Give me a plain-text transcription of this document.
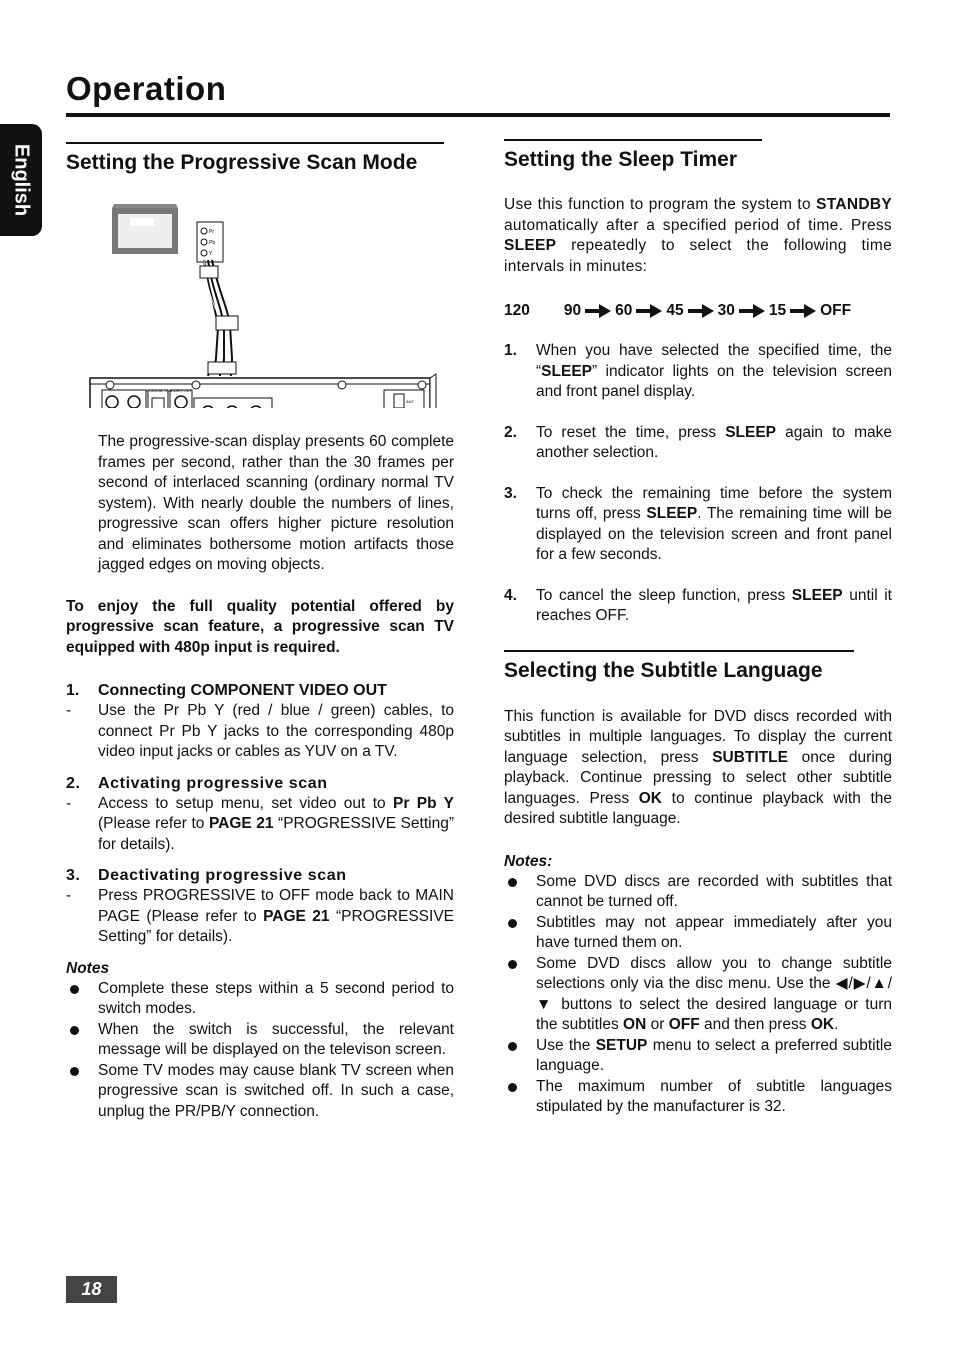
Operation
English Setting the Progressive Scan Mode
Pr
Pb
Y
COAXIAL OUT
VIDEO OUT
ANT

The progressive-scan display presents 60 complete frames per second, rather than the 30 frames per second of interlaced scanning (ordinary normal TV system). With nearly double the numbers of lines, progressive scan offers higher picture resolution and eliminates bothersome motion artifacts those jagged edges on moving objects.

To enjoy the full quality potential offered by progressive scan feature, a progressive scan TV equipped with 480p input is required.

1. Connecting COMPONENT VIDEO OUT
- Use the Pr Pb Y (red / blue / green) cables, to connect Pr Pb Y jacks to the corresponding 480p video input jacks or cables as YUV on a TV.
2. Activating progressive scan
- Access to setup menu, set video out to Pr Pb Y (Please refer to PAGE 21 “PROGRESSIVE Setting” for details).
3. Deactivating progressive scan
- Press PROGRESSIVE to OFF mode back to MAIN PAGE (Please refer to PAGE 21 “PROGRESSIVE Setting” for details).
Notes
Complete these steps within a 5 second period to switch modes.
When the switch is successful, the relevant message will be displayed on the televison screen.
Some TV modes may cause blank TV screen when progressive scan is switched off. In such a case, unplug the PR/PB/Y connection.
Setting the Sleep Timer

Use this function to program the system to STANDBY automatically after a specified period of time. Press SLEEP repeatedly to select the following time intervals in minutes:

120 90 60 45 30 15 OFF
1. When you have selected the specified time, the “SLEEP” indicator lights on the television screen and front panel display.
2. To reset the time, press SLEEP again to make another selection.
3. To check the remaining time before the system turns off, press SLEEP. The remaining time will be displayed on the television screen and front panel for a few seconds.
4. To cancel the sleep function, press SLEEP until it reaches OFF.
Selecting the Subtitle Language

This function is available for DVD discs recorded with subtitles in multiple languages. To display the current language selection, press SUBTITLE once during playback. Continue pressing to select other subtitle languages. Press OK to continue playback with the desired subtitle language.

Notes:
Some DVD discs are recorded with subtitles that cannot be turned off.
Subtitles may not appear immediately after you have turned them on.
Some DVD discs allow you to change subtitle selections only via the disc menu. Use the ◀/▶/▲/▼ buttons to select the desired language or turn the subtitles ON or OFF and then press OK.
Use the SETUP menu to select a preferred subtitle language.
The maximum number of subtitle languages stipulated by the manufacturer is 32.
18
